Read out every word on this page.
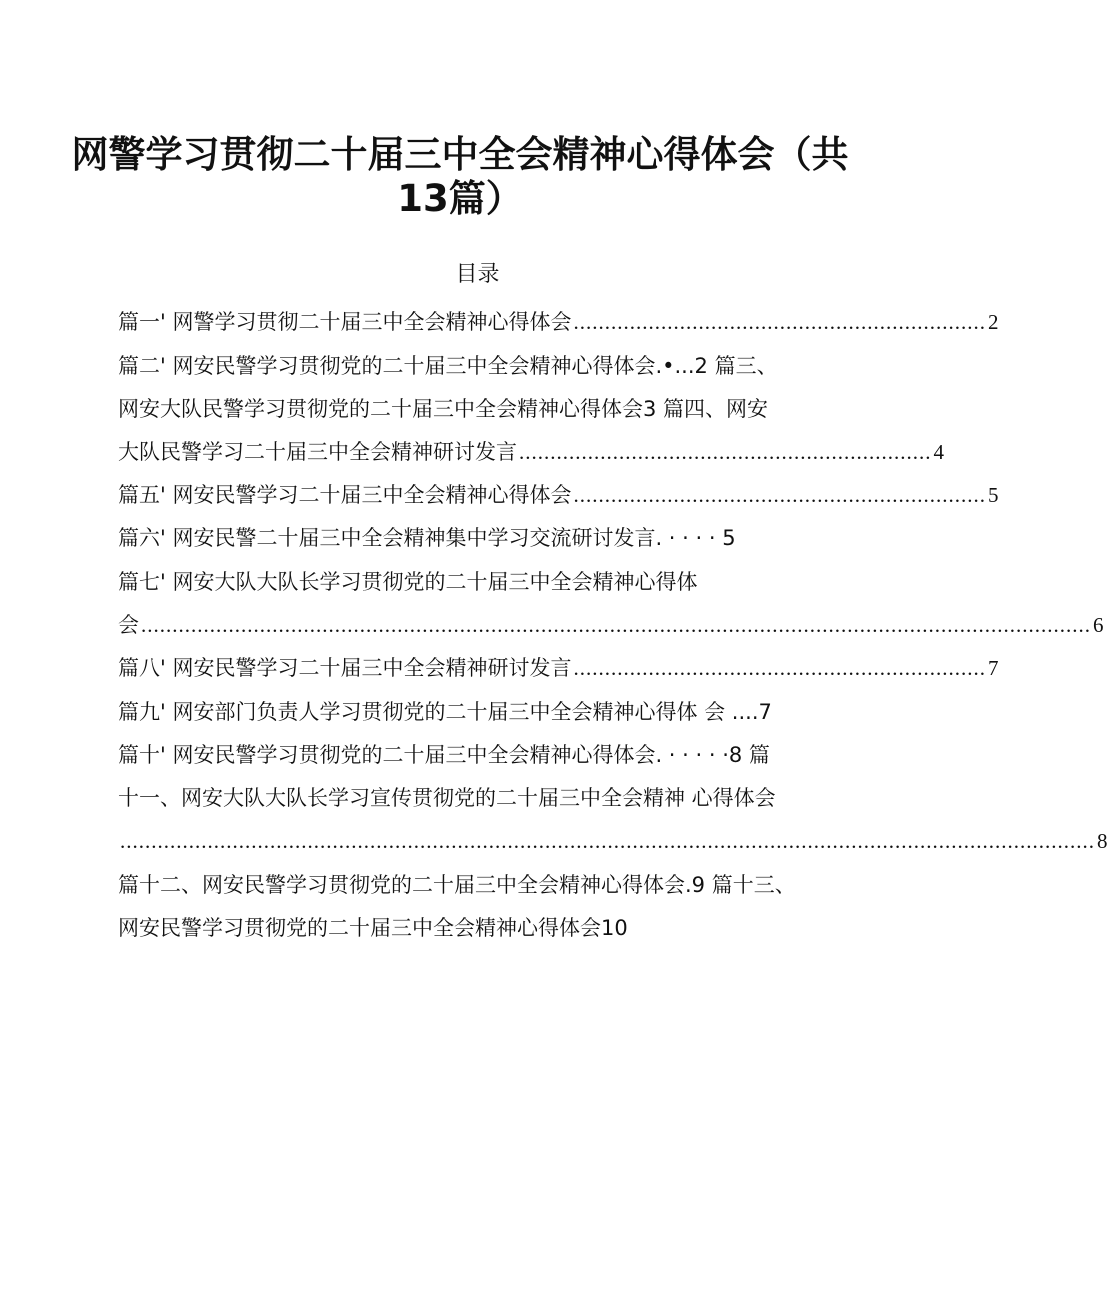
网警学习贯彻二十届三中全会精神心得体会（共
13篇）
目录
篇一' 网警学习贯彻二十届三中全会精神心得体会 .................................................................. 2
篇二' 网安民警学习贯彻党的二十届三中全会精神心得体会.•...2 篇三、
网安大队民警学习贯彻党的二十届三中全会精神心得体会3 篇四、网安
大队民警学习二十届三中全会精神研讨发言 .................................................................. 4
篇五' 网安民警学习二十届三中全会精神心得体会 .................................................................. 5
篇六' 网安民警二十届三中全会精神集中学习交流研讨发言. · · · · 5
篇七' 网安大队大队长学习贯彻党的二十届三中全会精神心得体
会 ........................................................................................................................................................ 6
篇八' 网安民警学习二十届三中全会精神研讨发言 .................................................................. 7
篇九' 网安部门负责人学习贯彻党的二十届三中全会精神心得体 会 ....7
篇十' 网安民警学习贯彻党的二十届三中全会精神心得体会. · · · · ·8 篇
十一、网安大队大队长学习宣传贯彻党的二十届三中全会精神 心得体会
............................................................................................................................................................ 8
篇十二、网安民警学习贯彻党的二十届三中全会精神心得体会.9 篇十三、
网安民警学习贯彻党的二十届三中全会精神心得体会10
